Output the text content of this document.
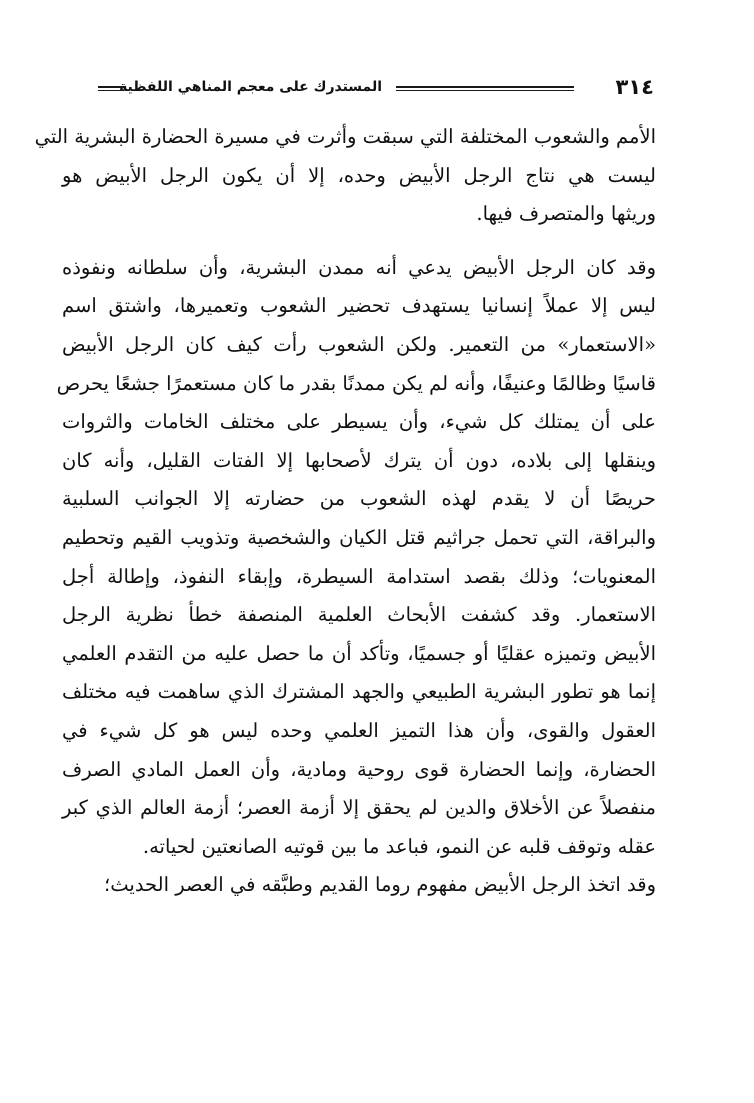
٣١٤
المستدرك على معجم المناهي اللفظية
الأمم والشعوب المختلفة التي سبقت وأثرت في مسيرة الحضارة البشرية التي
ليست هي نتاج الرجل الأبيض وحده، إلا أن يكون الرجل الأبيض هو
وريثها والمتصرف فيها.
وقد كان الرجل الأبيض يدعي أنه ممدن البشرية، وأن سلطانه ونفوذه
ليس إلا عملاً إنسانيا يستهدف تحضير الشعوب وتعميرها، واشتق اسم
«الاستعمار» من التعمير. ولكن الشعوب رأت كيف كان الرجل الأبيض
قاسيًا وظالمًا وعنيفًا، وأنه لم يكن ممدنًا بقدر ما كان مستعمرًا جشعًا يحرص
على أن يمتلك كل شيء، وأن يسيطر على مختلف الخامات والثروات
وينقلها إلى بلاده، دون أن يترك لأصحابها إلا الفتات القليل، وأنه كان
حريصًا أن لا يقدم لهذه الشعوب من حضارته إلا الجوانب السلبية
والبراقة، التي تحمل جراثيم قتل الكيان والشخصية وتذويب القيم وتحطيم
المعنويات؛ وذلك بقصد استدامة السيطرة، وإبقاء النفوذ، وإطالة أجل
الاستعمار. وقد كشفت الأبحاث العلمية المنصفة خطأ نظرية الرجل
الأبيض وتميزه عقليًا أو جسميًا، وتأكد أن ما حصل عليه من التقدم العلمي
إنما هو تطور البشرية الطبيعي والجهد المشترك الذي ساهمت فيه مختلف
العقول والقوى، وأن هذا التميز العلمي وحده ليس هو كل شيء في
الحضارة، وإنما الحضارة قوى روحية ومادية، وأن العمل المادي الصرف
منفصلاً عن الأخلاق والدين لم يحقق إلا أزمة العصر؛ أزمة العالم الذي كبر
عقله وتوقف قلبه عن النمو، فباعد ما بين قوتيه الصانعتين لحياته.
وقد اتخذ الرجل الأبيض مفهوم روما القديم وطبَّقه في العصر الحديث؛
